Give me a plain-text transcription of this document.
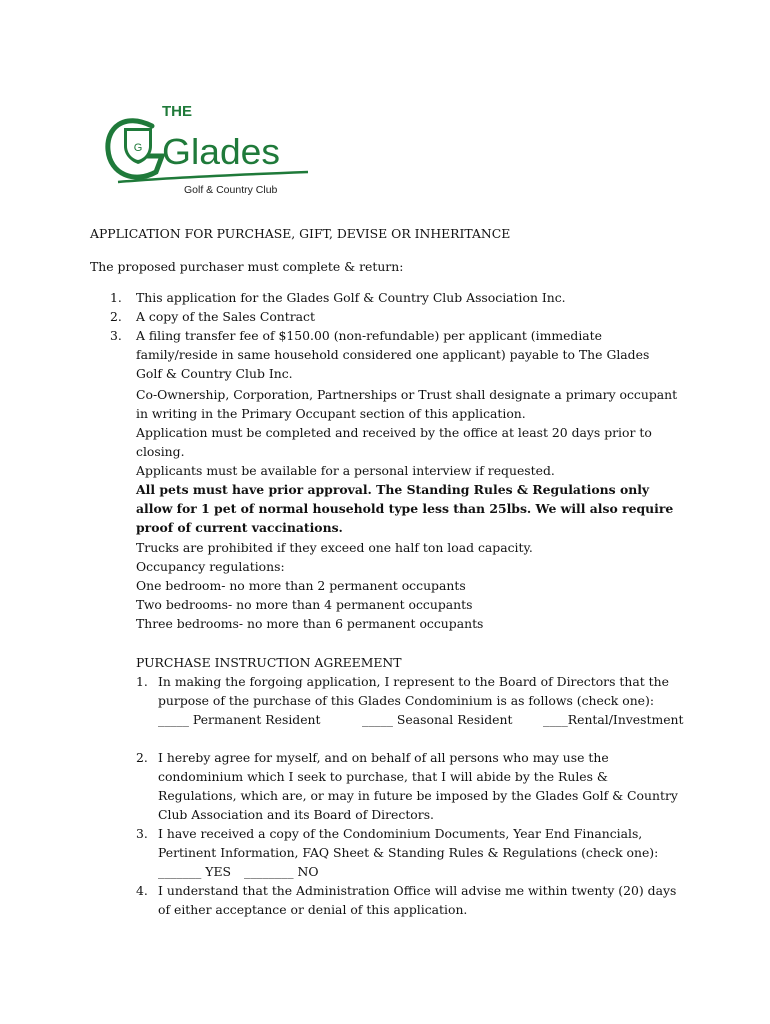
THE
G Glades
Golf & Country Club
APPLICATION FOR PURCHASE, GIFT, DEVISE OR INHERITANCE
The proposed purchaser must complete & return:
1.	This application for the Glades Golf & Country Club Association Inc.
2.	A copy of the Sales Contract
3.	A filing transfer fee of $150.00 (non-refundable) per applicant (immediate family/reside in same household considered one applicant) payable to The Glades Golf & Country Club Inc.
Co-Ownership, Corporation, Partnerships or Trust shall designate a primary occupant in writing in the Primary Occupant section of this application.
Application must be completed and received by the office at least 20 days prior to closing.
Applicants must be available for a personal interview if requested.
All pets must have prior approval. The Standing Rules & Regulations only allow for 1 pet of normal household type less than 25lbs. We will also require proof of current vaccinations.
Trucks are prohibited if they exceed one half ton load capacity.
Occupancy regulations:
One bedroom- no more than 2 permanent occupants
Two bedrooms- no more than 4 permanent occupants
Three bedrooms- no more than 6 permanent occupants
PURCHASE INSTRUCTION AGREEMENT
1. In making the forgoing application, I represent to the Board of Directors that the purpose of the purchase of this Glades Condominium is as follows (check one):
_____ Permanent Resident	_____ Seasonal Resident	____Rental/Investment
2. I hereby agree for myself, and on behalf of all persons who may use the condominium which I seek to purchase, that I will abide by the Rules & Regulations, which are, or may in future be imposed by the Glades Golf & Country Club Association and its Board of Directors.
3. I have received a copy of the Condominium Documents, Year End Financials, Pertinent Information, FAQ Sheet & Standing Rules & Regulations (check one):
_______ YES	________ NO
4. I understand that the Administration Office will advise me within twenty (20) days of either acceptance or denial of this application.
